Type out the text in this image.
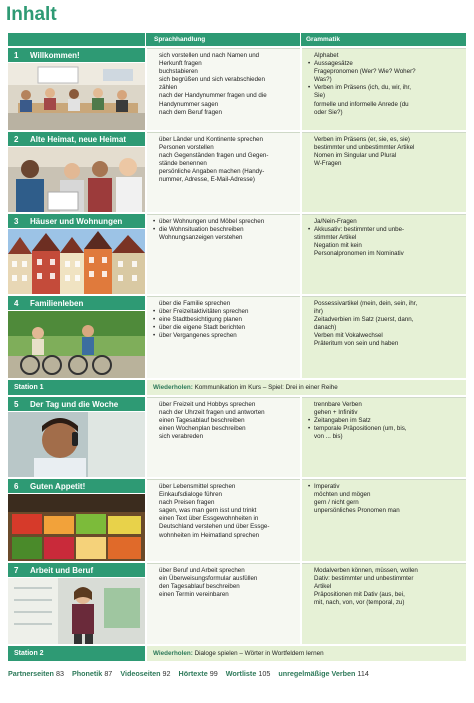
Inhalt
Sprachhandlung	Grammatik
1 Willkommen!	sich vorstellen und nach Namen und
Herkunft fragen
buchstabieren
sich begrüßen und sich verabschieden
zählen
nach der Handynummer fragen und die
Handynummer sagen
nach dem Beruf fragen
Alphabet
• Aussagesätze
Fragepronomen (Wer? Wie? Woher?
Was?)
• Verben im Präsens (ich, du, wir, ihr,
Sie)
formelle und informelle Anrede (du
oder Sie?)
2 Alte Heimat, neue Heimat	über Länder und Kontinente sprechen
Personen vorstellen
nach Gegenständen fragen und Gegen-
stände benennen
persönliche Angaben machen (Handy-
nummer, Adresse, E-Mail-Adresse)
Verben im Präsens (er, sie, es, sie)
bestimmter und unbestimmter Artikel
Nomen im Singular und Plural
W-Fragen
3 Häuser und Wohnungen
•	über Wohnungen und Möbel sprechen
• die Wohnsituation beschreiben
Wohnungsanzeigen verstehen
Ja/Nein-Fragen
• Akkusativ: bestimmter und unbe-
stimmter Artikel
Negation mit kein
Personalpronomen im Nominativ
4 Familienleben	über die Familie sprechen
• über Freizeitaktivitäten sprechen
• eine Stadtbesichtigung planen
• über die eigene Stadt berichten
• über Vergangenes sprechen
Possessivartikel (mein, dein, sein, ihr,
ihr)
Zeitadverbien im Satz (zuerst, dann,
danach)
Verben mit Vokalwechsel
Präteritum von sein und haben
Station 1	Wiederholen: Kommunikation im Kurs – Spiel: Drei in einer Reihe
5 Der Tag und die Woche	über Freizeit und Hobbys sprechen
nach der Uhrzeit fragen und antworten
einen Tagesablauf beschreiben
einen Wochenplan beschreiben
sich verabreden
trennbare Verben
gehen + Infinitiv
• Zeitangaben im Satz
• temporale Präpositionen (um, bis,
von ... bis)
6 Guten Appetit!	über Lebensmittel sprechen
Einkaufsdialoge führen
nach Preisen fragen
sagen, was man gern isst und trinkt
einen Text über Essgewohnheiten in
Deutschland verstehen und über Essge-
wohnheiten im Heimatland sprechen
• Imperativ
möchten und mögen
gern / nicht gern
unpersönliches Pronomen man
7 Arbeit und Beruf	über Beruf und Arbeit sprechen
ein Überweisungsformular ausfüllen
den Tagesablauf beschreiben
einen Termin vereinbaren
Modalverben können, müssen, wollen
Dativ: bestimmter und unbestimmter
Artikel
Präpositionen mit Dativ (aus, bei,
mit, nach, von, vor (temporal, zu)
Station 2	Wiederholen: Dialoge spielen – Wörter in Wortfeldern lernen
Partnerseiten 83 Phonetik 87 Videoseiten 92 Hörtexte 99 Wortliste 105 unregelmäßige Verben 114
